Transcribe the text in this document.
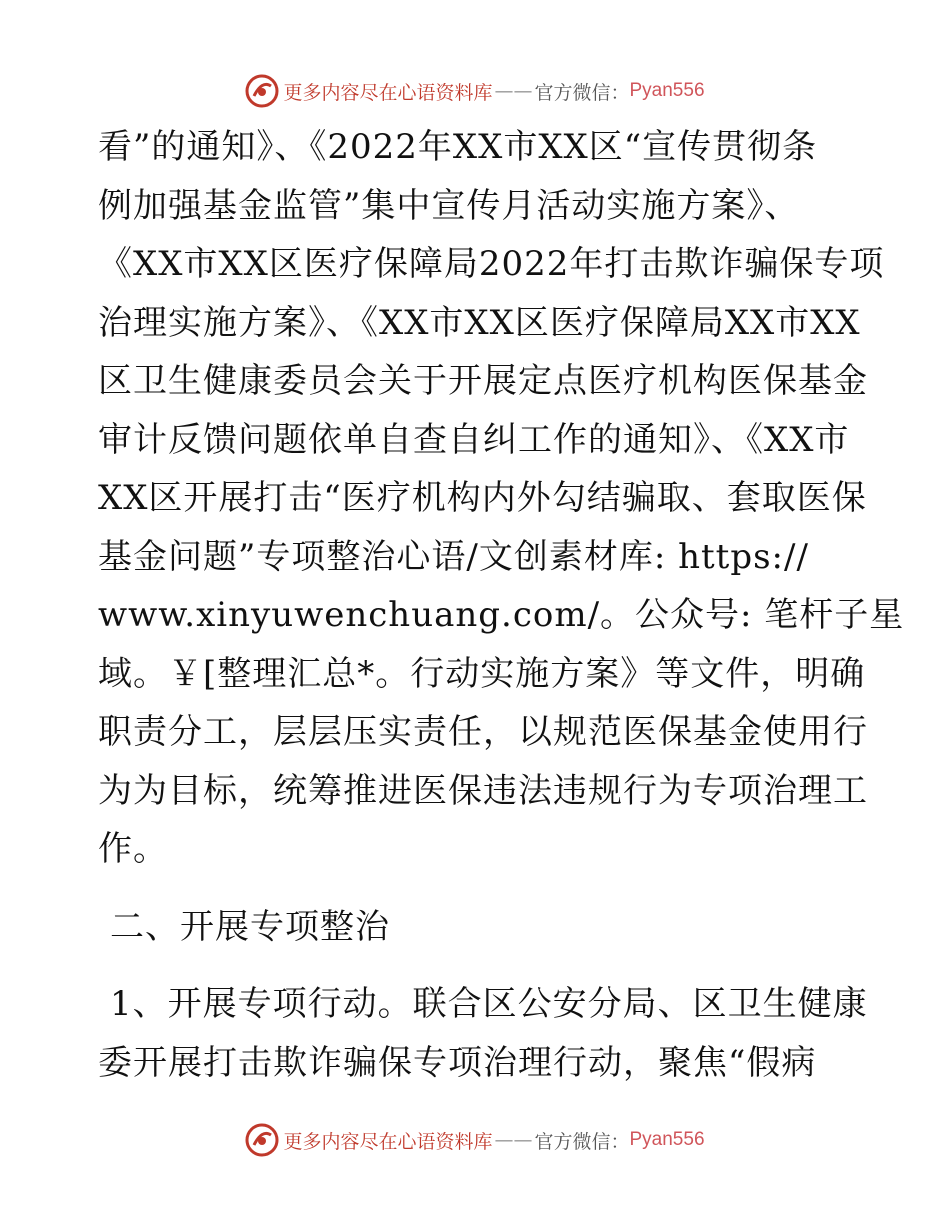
更多内容尽在心语资料库 —— 官方微信： Pyan556

看”的通知》、《2022年XX市XX区“宣传贯彻条
例加强基金监管”集中宣传月活动实施方案》、
《XX市XX区医疗保障局2022年打击欺诈骗保专项
治理实施方案》、《XX市XX区医疗保障局XX市XX
区卫生健康委员会关于开展定点医疗机构医保基金
审计反馈问题依单自查自纠工作的通知》、《XX市
XX区开展打击“医疗机构内外勾结骗取、套取医保
基金问题”专项整治心语/文创素材库: https://
www.xinyuwenchuang.com/。公众号: 笔杆子星
域。￥[整理汇总*。行动实施方案》等文件，明确
职责分工，层层压实责任，以规范医保基金使用行
为为目标，统筹推进医保违法违规行为专项治理工
作。

二、开展专项整治

1、开展专项行动。联合区公安分局、区卫生健康
委开展打击欺诈骗保专项治理行动，聚焦“假病

更多内容尽在心语资料库 —— 官方微信： Pyan556
